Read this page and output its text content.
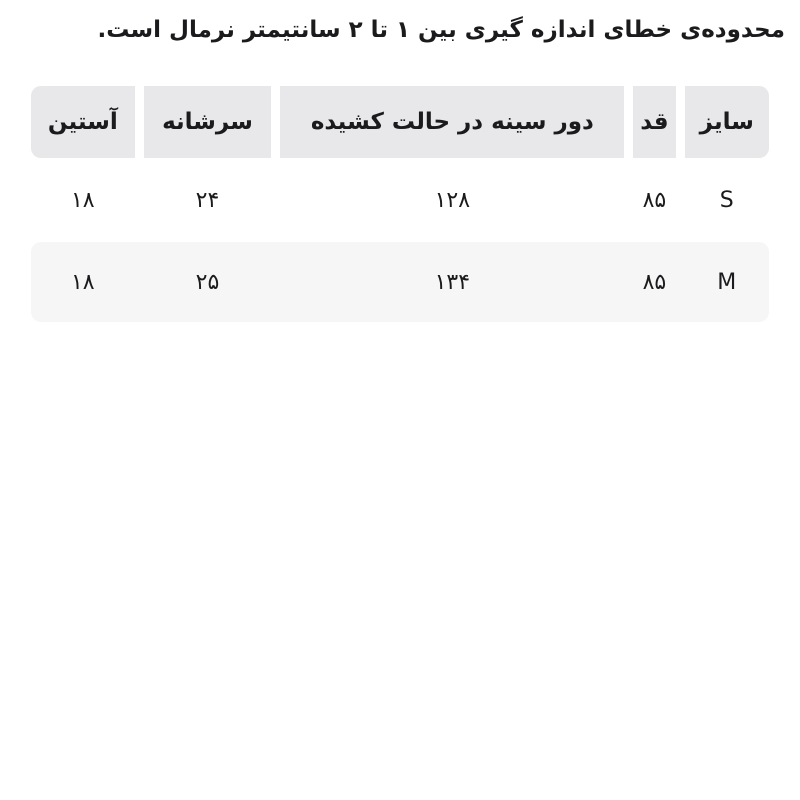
محدوده‌ی خطای اندازه گیری بین ۱ تا ۲ سانتیمتر نرمال است.

سایز
قد
دور سینه در حالت کشیده
سرشانه
آستین
S
۸۵
۱۲۸
۲۴
۱۸
M
۸۵
۱۳۴
۲۵
۱۸
